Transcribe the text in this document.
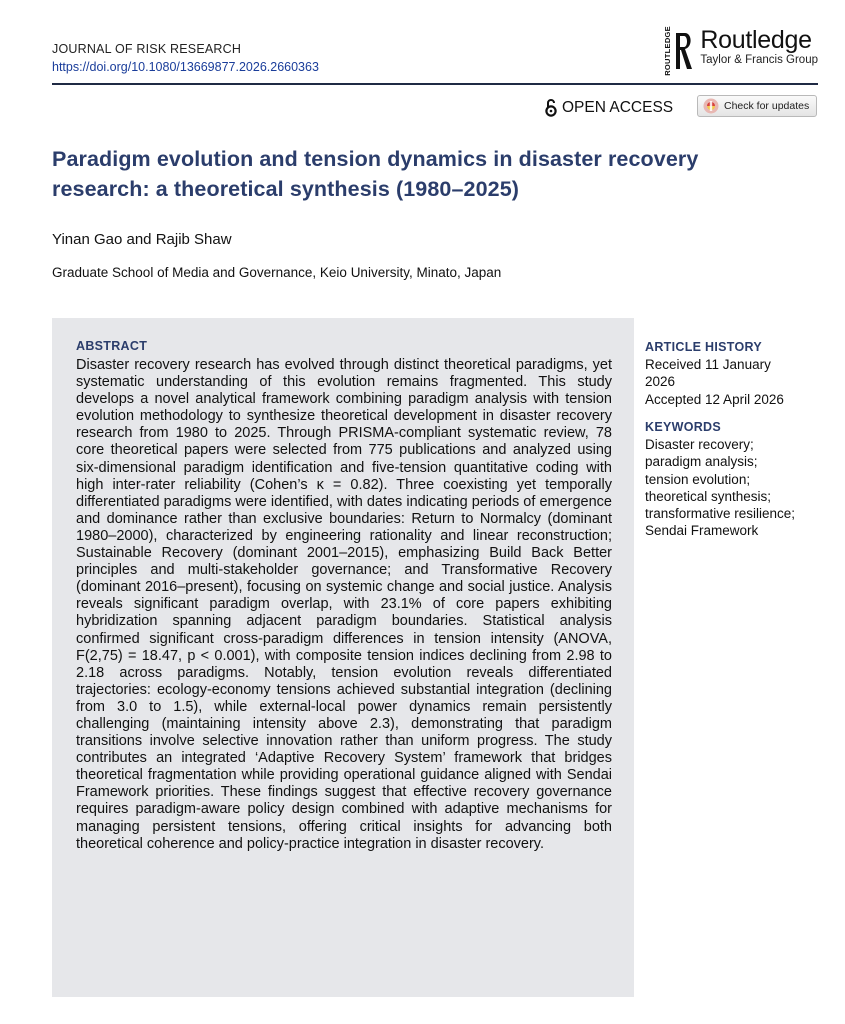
JOURNAL OF RISK RESEARCH
https://doi.org/10.1080/13669877.2026.2660363	ROUTLEDGE Routledge
Taylor & Francis Group
OPEN ACCESS	Check for updates
Paradigm evolution and tension dynamics in disaster recovery research: a theoretical synthesis (1980–2025)
Yinan Gao and Rajib Shaw
Graduate School of Media and Governance, Keio University, Minato, Japan
ABSTRACT

Disaster recovery research has evolved through distinct theoretical paradigms, yet systematic understanding of this evolution remains fragmented. This study develops a novel analytical framework combining paradigm analysis with tension evolution methodology to synthesize theoretical development in disaster recovery research from 1980 to 2025. Through PRISMA-compliant systematic review, 78 core theoretical papers were selected from 775 publications and analyzed using six-dimensional paradigm identification and five-tension quantitative coding with high inter-rater reliability (Cohen’s κ = 0.82). Three coexisting yet temporally differentiated paradigms were identified, with dates indicating periods of emergence and dominance rather than exclusive boundaries: Return to Normalcy (dominant 1980–2000), characterized by engineering rationality and linear reconstruction; Sustainable Recovery (dominant 2001–2015), emphasizing Build Back Better principles and multi-stakeholder governance; and Transformative Recovery (dominant 2016–present), focusing on systemic change and social justice. Analysis reveals significant paradigm overlap, with 23.1% of core papers exhibiting hybridization spanning adjacent paradigm boundaries. Statistical analysis confirmed significant cross-paradigm differences in tension intensity (ANOVA, F(2,75) = 18.47, p < 0.001), with composite tension indices declining from 2.98 to 2.18 across paradigms. Notably, tension evolution reveals differentiated trajectories: ecology-economy tensions achieved substantial integration (declining from 3.0 to 1.5), while external-local power dynamics remain persistently challenging (maintaining intensity above 2.3), demonstrating that paradigm transitions involve selective innovation rather than uniform progress. The study contributes an integrated ‘Adaptive Recovery System’ framework that bridges theoretical fragmentation while providing operational guidance aligned with Sendai Framework priorities. These findings suggest that effective recovery governance requires paradigm-aware policy design combined with adaptive mechanisms for managing persistent tensions, offering critical insights for advancing both theoretical coherence and policy-practice integration in disaster recovery.

ARTICLE HISTORY
Received 11 January
2026
Accepted 12 April 2026
KEYWORDS
Disaster recovery;
paradigm analysis;
tension evolution;
theoretical synthesis;
transformative resilience;
Sendai Framework
